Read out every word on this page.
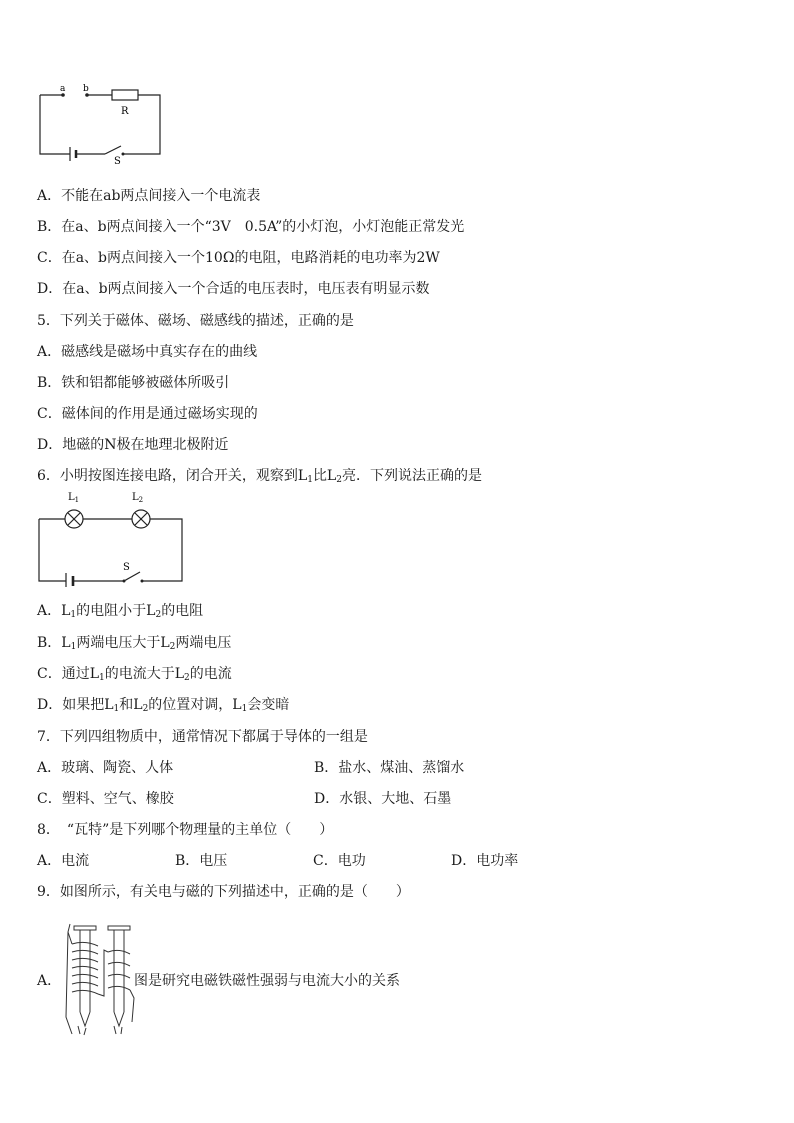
a b
R
S
A．不能在ab两点间接入一个电流表
B．在a、b两点间接入一个“3V　0.5A”的小灯泡，小灯泡能正常发光
C．在a、b两点间接入一个10Ω的电阻，电路消耗的电功率为2W
D．在a、b两点间接入一个合适的电压表时，电压表有明显示数
5．下列关于磁体、磁场、磁感线的描述，正确的是
A．磁感线是磁场中真实存在的曲线
B．铁和铝都能够被磁体所吸引
C．磁体间的作用是通过磁场实现的
D．地磁的N极在地理北极附近
6．小明按图连接电路，闭合开关，观察到$L_1$比$L_2$亮．下列说法正确的是
$L_1$	$L_2$
S
A．$L_1$的电阻小于$L_2$的电阻
B．$L_1$两端电压大于$L_2$两端电压
C．通过$L_1$的电流大于$L_2$的电流
D．如果把$L_1$和$L_2$的位置对调，$L_1$会变暗
7．下列四组物质中，通常情况下都属于导体的一组是
A．玻璃、陶瓷、人体	B．盐水、煤油、蒸馏水
C．塑料、空气、橡胶	D．水银、大地、石墨
8．　“瓦特”是下列哪个物理量的主单位（　　）
A．电流	B．电压	C．电功	D．电功率
9．如图所示，有关电与磁的下列描述中，正确的是（　　）
A．	图是研究电磁铁磁性强弱与电流大小的关系
